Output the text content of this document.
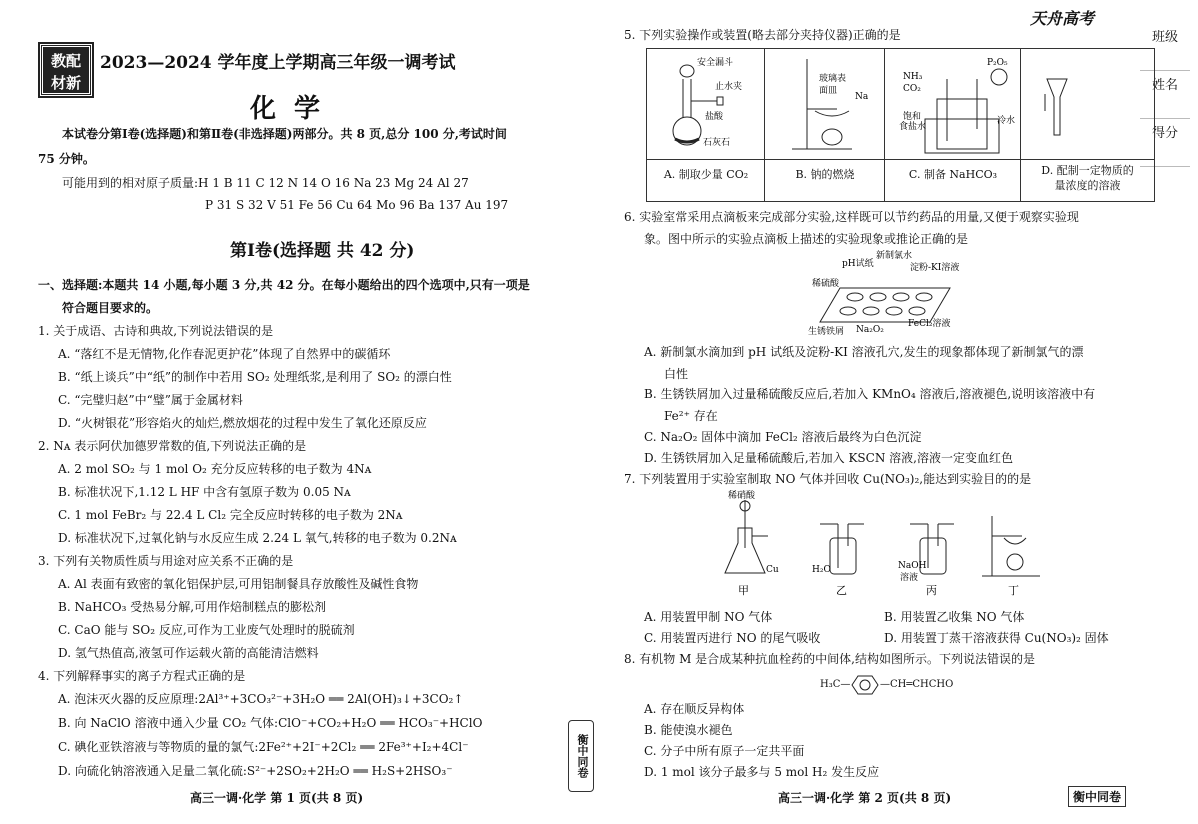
教配
材新
2023—2024 学年度上学期高三年级一调考试
化学
本试卷分第Ⅰ卷(选择题)和第Ⅱ卷(非选择题)两部分。共 8 页,总分 100 分,考试时间
75 分钟。
可能用到的相对原子质量:H 1 B 11 C 12 N 14 O 16 Na 23 Mg 24 Al 27
P 31 S 32 V 51 Fe 56 Cu 64 Mo 96 Ba 137 Au 197
第Ⅰ卷(选择题 共 42 分)
一、选择题:本题共 14 小题,每小题 3 分,共 42 分。在每小题给出的四个选项中,只有一项是
符合题目要求的。
1. 关于成语、古诗和典故,下列说法错误的是
A. “落红不是无情物,化作春泥更护花”体现了自然界中的碳循环
B. “纸上谈兵”中“纸”的制作中若用 SO₂ 处理纸浆,是利用了 SO₂ 的漂白性
C. “完璧归赵”中“璧”属于金属材料
D. “火树银花”形容焰火的灿烂,燃放烟花的过程中发生了氧化还原反应
2. Nᴀ 表示阿伏加德罗常数的值,下列说法正确的是
A. 2 mol SO₂ 与 1 mol O₂ 充分反应转移的电子数为 4Nᴀ
B. 标准状况下,1.12 L HF 中含有氢原子数为 0.05 Nᴀ
C. 1 mol FeBr₂ 与 22.4 L Cl₂ 完全反应时转移的电子数为 2Nᴀ
D. 标准状况下,过氧化钠与水反应生成 2.24 L 氧气,转移的电子数为 0.2Nᴀ
3. 下列有关物质性质与用途对应关系不正确的是
A. Al 表面有致密的氧化铝保护层,可用铝制餐具存放酸性及碱性食物
B. NaHCO₃ 受热易分解,可用作焙制糕点的膨松剂
C. CaO 能与 SO₂ 反应,可作为工业废气处理时的脱硫剂
D. 氢气热值高,液氢可作运载火箭的高能清洁燃料
4. 下列解释事实的离子方程式正确的是
A. 泡沫灭火器的反应原理:2Al³⁺+3CO₃²⁻+3H₂O ══ 2Al(OH)₃↓+3CO₂↑
B. 向 NaClO 溶液中通入少量 CO₂ 气体:ClO⁻+CO₂+H₂O ══ HCO₃⁻+HClO
C. 碘化亚铁溶液与等物质的量的氯气:2Fe²⁺+2I⁻+2Cl₂ ══ 2Fe³⁺+I₂+4Cl⁻
D. 向硫化钠溶液通入足量二氧化硫:S²⁻+2SO₂+2H₂O ══ H₂S+2HSO₃⁻
高三一调·化学 第 1 页(共 8 页)
衡中同卷
天舟高考
班级
姓名
得分
5. 下列实验操作或装置(略去部分夹持仪器)正确的是
安全漏斗
止水夹
盐酸
石灰石
玻璃表
面皿
Na
NH₃
CO₂
P₂O₅
饱和
食盐水
冷水
A. 制取少量 CO₂	B. 钠的燃烧	C. 制备 NaHCO₃	D. 配制一定物质的
量浓度的溶液
6. 实验室常采用点滴板来完成部分实验,这样既可以节约药品的用量,又便于观察实验现
象。图中所示的实验点滴板上描述的实验现象或推论正确的是
pH试纸
新制氯水
淀粉-KI溶液
稀硫酸
生锈铁屑 Na₂O₂
FeCl₂溶液
A. 新制氯水滴加到 pH 试纸及淀粉-KI 溶液孔穴,发生的现象都体现了新制氯气的漂
白性
B. 生锈铁屑加入过量稀硫酸反应后,若加入 KMnO₄ 溶液后,溶液褪色,说明该溶液中有
Fe²⁺ 存在
C. Na₂O₂ 固体中滴加 FeCl₂ 溶液后最终为白色沉淀
D. 生锈铁屑加入足量稀硫酸后,若加入 KSCN 溶液,溶液一定变血红色
7. 下列装置用于实验室制取 NO 气体并回收 Cu(NO₃)₂,能达到实验目的的是
稀硝酸
Cu	H₂O	NaOH
溶液
甲	乙	丙	丁
A. 用装置甲制 NO 气体	B. 用装置乙收集 NO 气体
C. 用装置丙进行 NO 的尾气吸收	D. 用装置丁蒸干溶液获得 Cu(NO₃)₂ 固体
8. 有机物 M 是合成某种抗血栓药的中间体,结构如图所示。下列说法错误的是
H₃C—	—CH═CHCHO
A. 存在顺反异构体
B. 能使溴水褪色
C. 分子中所有原子一定共平面
D. 1 mol 该分子最多与 5 mol H₂ 发生反应
高三一调·化学 第 2 页(共 8 页)	衡中同卷
